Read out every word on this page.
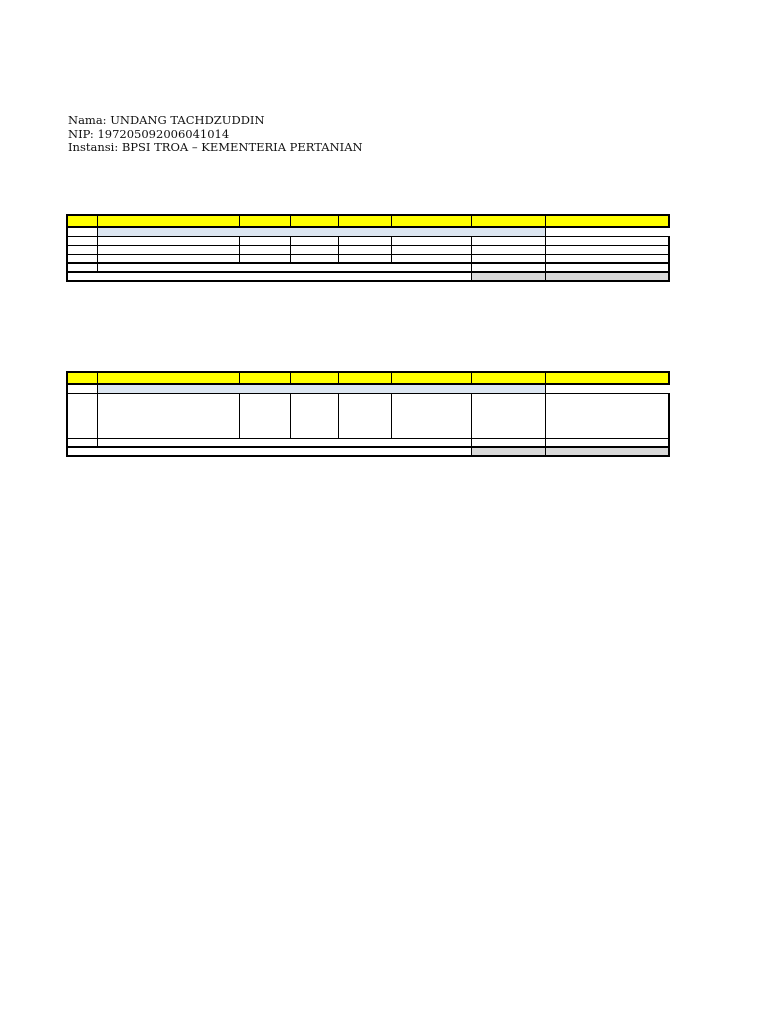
Nama: UNDANG TACHDZUDDIN
NIP: 197205092006041014
Instansi: BPSI TROA – KEMENTERIA PERTANIAN
